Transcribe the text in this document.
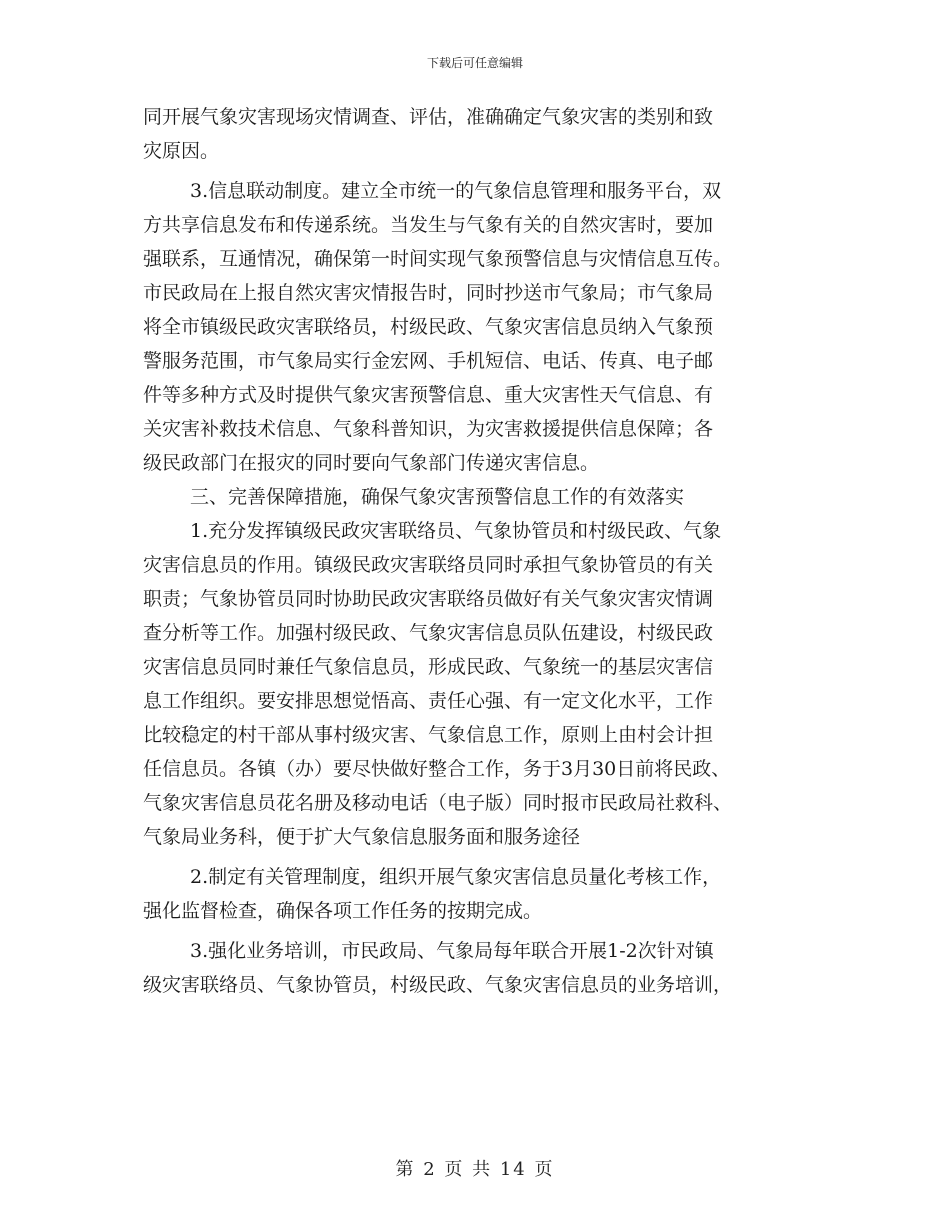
下载后可任意编辑
同开展气象灾害现场灾情调查、评估，准确确定气象灾害的类别和致
灾原因。
3.信息联动制度。建立全市统一的气象信息管理和服务平台，双
方共享信息发布和传递系统。当发生与气象有关的自然灾害时，要加
强联系，互通情况，确保第一时间实现气象预警信息与灾情信息互传。
市民政局在上报自然灾害灾情报告时，同时抄送市气象局；市气象局
将全市镇级民政灾害联络员，村级民政、气象灾害信息员纳入气象预
警服务范围，市气象局实行金宏网、手机短信、电话、传真、电子邮
件等多种方式及时提供气象灾害预警信息、重大灾害性天气信息、有
关灾害补救技术信息、气象科普知识，为灾害救援提供信息保障；各
级民政部门在报灾的同时要向气象部门传递灾害信息。
三、完善保障措施，确保气象灾害预警信息工作的有效落实
1.充分发挥镇级民政灾害联络员、气象协管员和村级民政、气象
灾害信息员的作用。镇级民政灾害联络员同时承担气象协管员的有关
职责；气象协管员同时协助民政灾害联络员做好有关气象灾害灾情调
查分析等工作。加强村级民政、气象灾害信息员队伍建设，村级民政
灾害信息员同时兼任气象信息员，形成民政、气象统一的基层灾害信
息工作组织。要安排思想觉悟高、责任心强、有一定文化水平，工作
比较稳定的村干部从事村级灾害、气象信息工作，原则上由村会计担
任信息员。各镇（办）要尽快做好整合工作，务于3月30日前将民政、
气象灾害信息员花名册及移动电话（电子版）同时报市民政局社救科、
气象局业务科，便于扩大气象信息服务面和服务途径
2.制定有关管理制度，组织开展气象灾害信息员量化考核工作，
强化监督检查，确保各项工作任务的按期完成。
3.强化业务培训，市民政局、气象局每年联合开展1-2次针对镇
级灾害联络员、气象协管员，村级民政、气象灾害信息员的业务培训，
第 2 页 共 14 页
